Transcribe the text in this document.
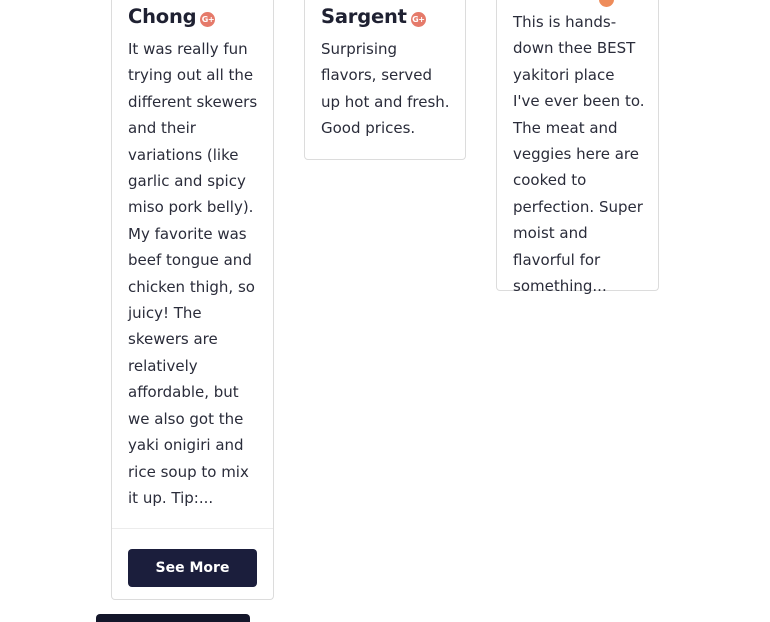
Chong G+

It was really fun trying out all the different skewers and their variations (like garlic and spicy miso pork belly). My favorite was beef tongue and chicken thigh, so juicy! The skewers are relatively affordable, but we also got the yaki onigiri and rice soup to mix it up. Tip:...

See More
Sargent G+

Surprising flavors, served up hot and fresh. Good prices.

This is hands-down thee BEST yakitori place I've ever been to. The meat and veggies here are cooked to perfection. Super moist and flavorful for something...
